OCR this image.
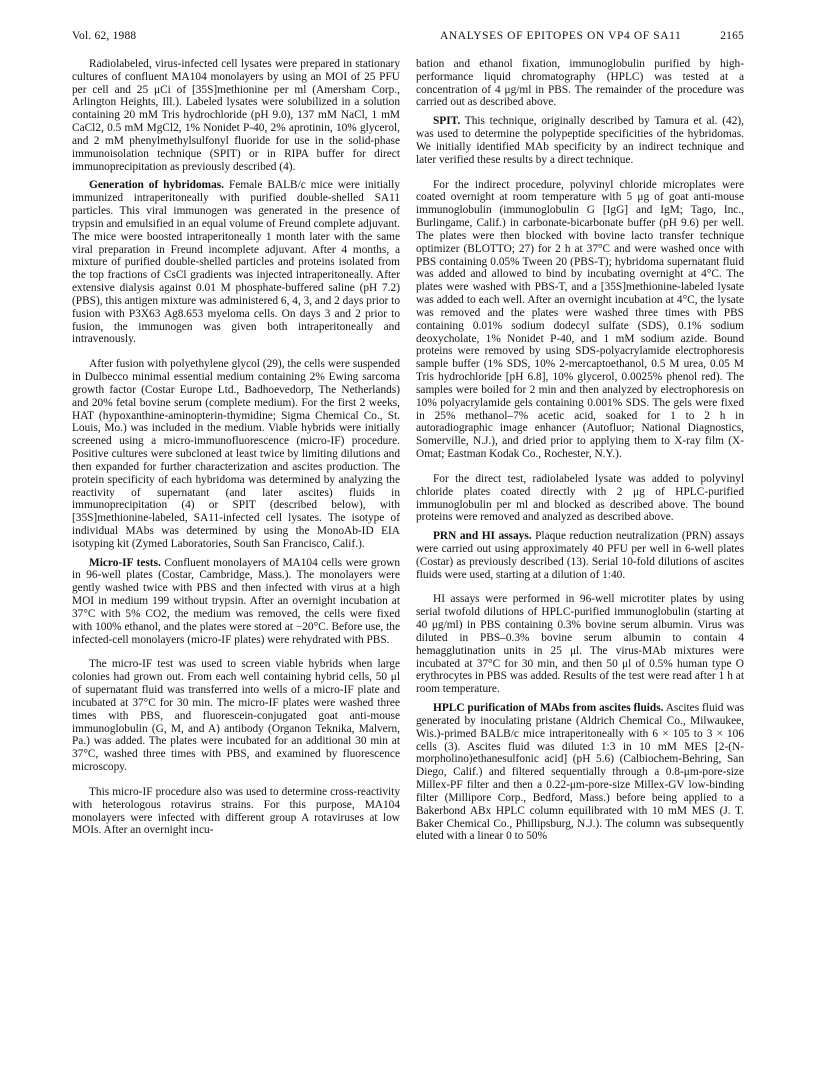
Vol. 62, 1988	ANALYSES OF EPITOPES ON VP4 OF SA11	2165

Radiolabeled, virus-infected cell lysates were prepared in stationary cultures of confluent MA104 monolayers by using an MOI of 25 PFU per cell and 25 μCi of [35S]methionine per ml (Amersham Corp., Arlington Heights, Ill.). Labeled lysates were solubilized in a solution containing 20 mM Tris hydrochloride (pH 9.0), 137 mM NaCl, 1 mM CaCl2, 0.5 mM MgCl2, 1% Nonidet P-40, 2% aprotinin, 10% glycerol, and 2 mM phenylmethylsulfonyl fluoride for use in the solid-phase immunoisolation technique (SPIT) or in RIPA buffer for direct immunoprecipitation as previously described (4).

Generation of hybridomas. Female BALB/c mice were initially immunized intraperitoneally with purified double-shelled SA11 particles. This viral immunogen was generated in the presence of trypsin and emulsified in an equal volume of Freund complete adjuvant. The mice were boosted intraperitoneally 1 month later with the same viral preparation in Freund incomplete adjuvant. After 4 months, a mixture of purified double-shelled particles and proteins isolated from the top fractions of CsCl gradients was injected intraperitoneally. After extensive dialysis against 0.01 M phosphate-buffered saline (pH 7.2) (PBS), this antigen mixture was administered 6, 4, 3, and 2 days prior to fusion with P3X63 Ag8.653 myeloma cells. On days 3 and 2 prior to fusion, the immunogen was given both intraperitoneally and intravenously.

After fusion with polyethylene glycol (29), the cells were suspended in Dulbecco minimal essential medium containing 2% Ewing sarcoma growth factor (Costar Europe Ltd., Badhoevedorp, The Netherlands) and 20% fetal bovine serum (complete medium). For the first 2 weeks, HAT (hypoxanthine-aminopterin-thymidine; Sigma Chemical Co., St. Louis, Mo.) was included in the medium. Viable hybrids were initially screened using a micro-immunofluorescence (micro-IF) procedure. Positive cultures were subcloned at least twice by limiting dilutions and then expanded for further characterization and ascites production. The protein specificity of each hybridoma was determined by analyzing the reactivity of supernatant (and later ascites) fluids in immunoprecipitation (4) or SPIT (described below), with [35S]methionine-labeled, SA11-infected cell lysates. The isotype of individual MAbs was determined by using the MonoAb-ID EIA isotyping kit (Zymed Laboratories, South San Francisco, Calif.).

Micro-IF tests. Confluent monolayers of MA104 cells were grown in 96-well plates (Costar, Cambridge, Mass.). The monolayers were gently washed twice with PBS and then infected with virus at a high MOI in medium 199 without trypsin. After an overnight incubation at 37°C with 5% CO2, the medium was removed, the cells were fixed with 100% ethanol, and the plates were stored at −20°C. Before use, the infected-cell monolayers (micro-IF plates) were rehydrated with PBS.

The micro-IF test was used to screen viable hybrids when large colonies had grown out. From each well containing hybrid cells, 50 μl of supernatant fluid was transferred into wells of a micro-IF plate and incubated at 37°C for 30 min. The micro-IF plates were washed three times with PBS, and fluorescein-conjugated goat anti-mouse immunoglobulin (G, M, and A) antibody (Organon Teknika, Malvern, Pa.) was added. The plates were incubated for an additional 30 min at 37°C, washed three times with PBS, and examined by fluorescence microscopy.

This micro-IF procedure also was used to determine cross-reactivity with heterologous rotavirus strains. For this purpose, MA104 monolayers were infected with different group A rotaviruses at low MOIs. After an overnight incu-

bation and ethanol fixation, immunoglobulin purified by high-performance liquid chromatography (HPLC) was tested at a concentration of 4 μg/ml in PBS. The remainder of the procedure was carried out as described above.

SPIT. This technique, originally described by Tamura et al. (42), was used to determine the polypeptide specificities of the hybridomas. We initially identified MAb specificity by an indirect technique and later verified these results by a direct technique.

For the indirect procedure, polyvinyl chloride microplates were coated overnight at room temperature with 5 μg of goat anti-mouse immunoglobulin (immunoglobulin G [IgG] and IgM; Tago, Inc., Burlingame, Calif.) in carbonate-bicarbonate buffer (pH 9.6) per well. The plates were then blocked with bovine lacto transfer technique optimizer (BLOTTO; 27) for 2 h at 37°C and were washed once with PBS containing 0.05% Tween 20 (PBS-T); hybridoma supernatant fluid was added and allowed to bind by incubating overnight at 4°C. The plates were washed with PBS-T, and a [35S]methionine-labeled lysate was added to each well. After an overnight incubation at 4°C, the lysate was removed and the plates were washed three times with PBS containing 0.01% sodium dodecyl sulfate (SDS), 0.1% sodium deoxycholate, 1% Nonidet P-40, and 1 mM sodium azide. Bound proteins were removed by using SDS-polyacrylamide electrophoresis sample buffer (1% SDS, 10% 2-mercaptoethanol, 0.5 M urea, 0.05 M Tris hydrochloride [pH 6.8], 10% glycerol, 0.0025% phenol red). The samples were boiled for 2 min and then analyzed by electrophoresis on 10% polyacrylamide gels containing 0.001% SDS. The gels were fixed in 25% methanol–7% acetic acid, soaked for 1 to 2 h in autoradiographic image enhancer (Autofluor; National Diagnostics, Somerville, N.J.), and dried prior to applying them to X-ray film (X-Omat; Eastman Kodak Co., Rochester, N.Y.).

For the direct test, radiolabeled lysate was added to polyvinyl chloride plates coated directly with 2 μg of HPLC-purified immunoglobulin per ml and blocked as described above. The bound proteins were removed and analyzed as described above.

PRN and HI assays. Plaque reduction neutralization (PRN) assays were carried out using approximately 40 PFU per well in 6-well plates (Costar) as previously described (13). Serial 10-fold dilutions of ascites fluids were used, starting at a dilution of 1:40.

HI assays were performed in 96-well microtiter plates by using serial twofold dilutions of HPLC-purified immunoglobulin (starting at 40 μg/ml) in PBS containing 0.3% bovine serum albumin. Virus was diluted in PBS–0.3% bovine serum albumin to contain 4 hemagglutination units in 25 μl. The virus-MAb mixtures were incubated at 37°C for 30 min, and then 50 μl of 0.5% human type O erythrocytes in PBS was added. Results of the test were read after 1 h at room temperature.

HPLC purification of MAbs from ascites fluids. Ascites fluid was generated by inoculating pristane (Aldrich Chemical Co., Milwaukee, Wis.)-primed BALB/c mice intraperitoneally with 6 × 105 to 3 × 106 cells (3). Ascites fluid was diluted 1:3 in 10 mM MES [2-(N-morpholino)ethanesulfonic acid] (pH 5.6) (Calbiochem-Behring, San Diego, Calif.) and filtered sequentially through a 0.8-μm-pore-size Millex-PF filter and then a 0.22-μm-pore-size Millex-GV low-binding filter (Millipore Corp., Bedford, Mass.) before being applied to a Bakerbond ABx HPLC column equilibrated with 10 mM MES (J. T. Baker Chemical Co., Phillipsburg, N.J.). The column was subsequently eluted with a linear 0 to 50%
